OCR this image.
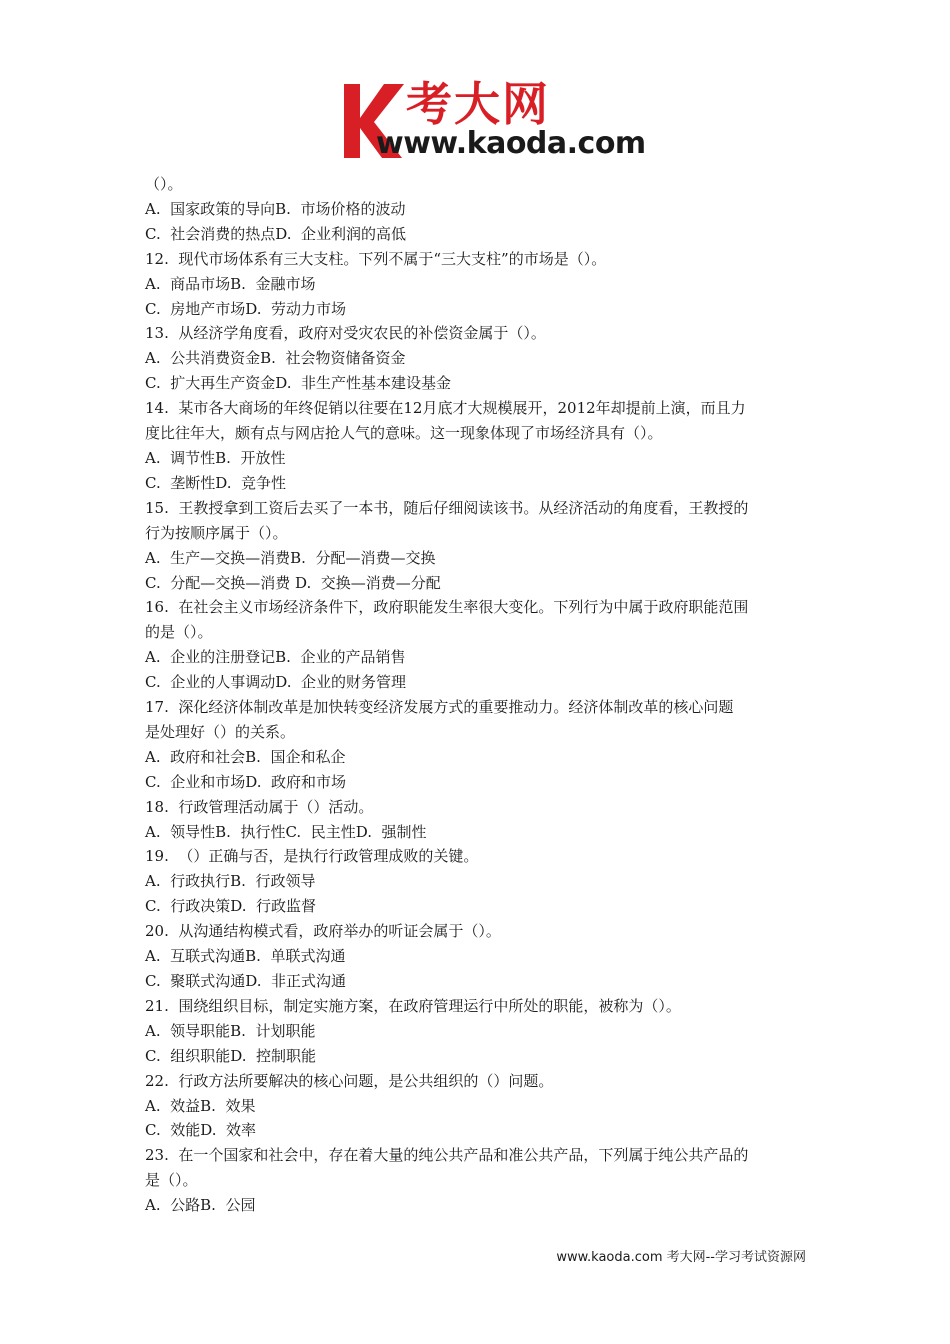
考大网
www.kaoda.com
（）。
A.  国家政策的导向B.  市场价格的波动
C.  社会消费的热点D.  企业利润的高低
12.  现代市场体系有三大支柱。下列不属于“三大支柱”的市场是（）。
A.  商品市场B.  金融市场
C.  房地产市场D.  劳动力市场
13.  从经济学角度看，政府对受灾农民的补偿资金属于（）。
A.  公共消费资金B.  社会物资储备资金
C.  扩大再生产资金D.  非生产性基本建设基金
14.  某市各大商场的年终促销以往要在12月底才大规模展开，2012年却提前上演，而且力
度比往年大，颇有点与网店抢人气的意味。这一现象体现了市场经济具有（）。
A.  调节性B.  开放性
C.  垄断性D.  竞争性
15.  王教授拿到工资后去买了一本书，随后仔细阅读该书。从经济活动的角度看，王教授的
行为按顺序属于（）。
A.  生产—交换—消费B.  分配—消费—交换
C.  分配—交换—消费 D.  交换—消费—分配
16.  在社会主义市场经济条件下，政府职能发生率很大变化。下列行为中属于政府职能范围
的是（）。
A.  企业的注册登记B.  企业的产品销售
C.  企业的人事调动D.  企业的财务管理
17.  深化经济体制改革是加快转变经济发展方式的重要推动力。经济体制改革的核心问题
是处理好（）的关系。
A.  政府和社会B.  国企和私企
C.  企业和市场D.  政府和市场
18.  行政管理活动属于（）活动。
A.  领导性B.  执行性C.  民主性D.  强制性
19.  （）正确与否，是执行行政管理成败的关键。
A.  行政执行B.  行政领导
C.  行政决策D.  行政监督
20.  从沟通结构模式看，政府举办的听证会属于（）。
A.  互联式沟通B.  单联式沟通
C.  聚联式沟通D.  非正式沟通
21.  围绕组织目标，制定实施方案，在政府管理运行中所处的职能，被称为（）。
A.  领导职能B.  计划职能
C.  组织职能D.  控制职能
22.  行政方法所要解决的核心问题，是公共组织的（）问题。
A.  效益B.  效果
C.  效能D.  效率
23.  在一个国家和社会中，存在着大量的纯公共产品和准公共产品，下列属于纯公共产品的
是（）。
A.  公路B.  公园
www.kaoda.com 考大网--学习考试资源网
